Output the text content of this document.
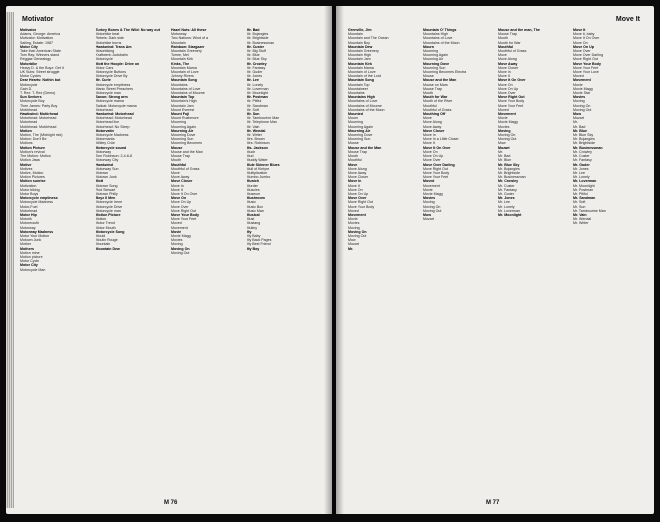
Motivator
Motivator
Adams, George: America
Motivator: Motivation
Sailing, Estate: 1987
Motor City
Take that: American State
Tom Ray: Winners stand
Reggae Genealogy
Motorbike
Heavy D. & the Boyz: Get it
UK Subs: Street struggle
Motor Cycles
Dear Hearts: Nothin but
Motorcycle
Gain D.
T. Rex: T. Rex (Demo)
Sun Seekers
Motorcycle Boy
Then James: Party Boy
Motörhead
Hawkwind: Motörhead
Motorhead: Motorhead
Motorhead
Motörhead: Motörhead
Motion
Motion, The (Midnight mix)
Motion: Don't Be
Motions
Motion Picture
Motion's revival
The Motion: Motion
Motion Jaws
Motive
Motives
Motive, Motion
Motion Pictures
Motion sunrise
Motivation
Motor biking
Motor Boys
Motorcycle emptiness
Motorcycle Madness
Motor-Fuel
Motorhead
Motor Hip
Motorik
Motormouth
Motorway
Motorway Madness
Motor Your Motion
Motown Junk
Mother
Mothers
Motion mine
Motion picture
Motor Cycle
Motor City
Motorcycle Man
Turkey Bones & The Wild: No way out
Motorbike beat
Rebels: Dark side
Motorbike burns
Hawkwind: Trans Am
Motorbiking
Kraftwerk: Autobahn
Motorcycle
Mott the Hoople: Drive on
Motor Cars
Motorcycle Buttons
Motorcycle Drive By
Mr. Curie
Motorcycle emptiness
Manic Street Preachers
Motorcycle man
Saxon: Strong arm
Motorcycle mama
Sailcat: Motorcycle mama
Motorhead
Hawkwind: Motorhead
Motorhead: Motorhead
Motorhead live
Motorhead: No Sleep
Motorvatin
Motorcycle Madness
Motormania
Mötley Crüe
Motorcycle sound
Motorway
Tom Robinson: 2-4-6-8
Motorway City
Hawkwind
Motorway Sun
Motown
Motown Junk
Mott
Motown Song
Rod Stewart
Motown Philly
Boyz II Men
Motorcycle Irene
Motorcycle Drive
Motorcycle man
Motion Picture
Motion
Motor Trend
Motor Mouth
Motorcycle Song
Mould
Moulin Rouge
Mountain
Mountain Dew
Hazel Nuts: All these
Motorway
Two Nations: Wind of a
Mountain
Rainbow: Stargazer
Mountain Greenery
Torme, Mel
Mountain Kirk
Kinks, The
Mountain Mama
Mountain of Love
Johnny Rivers
Mountain Song
Mountains
Mountains of Love
Mountains of Mourne
Mountain Top
Mountain's High
Mountain Jam
Mount Everest
Mount Fuji
Mount Rushmore
Mourning
Mourning Again
Mourning Air
Mourning Dove
Mourning Sun
Mourning Becomes
Mouse
Mouse and the Man
Mouse Trap
Mouth
Mouthful
Mouthful of Grass
Move
Move Away
Move Closer
Move In
Move It
Move It On Over
Move On
Move On Up
Move Over
Move Right Out
Move Your Body
Move Your Feet
Moved
Movement
Movie
Movie Magg
Movies
Moving
Moving On
Moving Out
Mr. Bad
Mr. Bojangles
Mr. Brightside
Mr. Businessman
Mr. Custer
Mr. Big Stuff
Mr. Blue
Mr. Blue Sky
Mr. Crowley
Mr. Fantasy
Mr. Guder
Mr. Jones
Mr. Lee
Mr. Lonely
Mr. Loverman
Mr. Moonlight
Mr. Postman
Mr. Pitiful
Mr. Sandman
Mr. Soft
Mr. Sun
Mr. Tambourine Man
Mr. Telephone Man
Mr. Vain
Mr. Wendal
Mr. Writer
Mrs. Brown
Mrs. Robinson
Ms. Jackson
Much
Mud
Muddy Water
Mule Skinner Blues
Mull of Kintyre
Multiplication
Mumbo Jumbo
Munich
Murder
Muscles
Museum
Mushroom
Music
Music Box
Music Man
Musical
Must
Mustang
Mutiny
My
My Baby
My Back Pages
My Best Friend
My Boy
M 76
Move It
Grenville, Jim
Mountain
Mountain and The Ocean
Mountain Boy
Mountain Dew
Mountain Greenery
Mountain High
Mountain Jam
Mountain Kirk
Mountain Mama
Mountain of Love
Mountain of the Lord
Mountain Song
Mountain Top
Mountaineer
Mountains
Mountains High
Mountains of Love
Mountains of Mourne
Mountains of the Moon
Mounted
Mourn
Mourning
Mourning Again
Mourning Air
Mourning Dove
Mourning Sun
Mouse
Mouse and the Man
Mouse Trap
Mouth
Mouthful
Move
Move Along
Move Away
Move Closer
Move In
Move It
Move On
Move On Up
Move Over
Move Right Out
Move Your Body
Moved
Movement
Movie
Movies
Moving
Moving On
Moving Out
Mow
Mozart
Mr.
Mountain O' Things
Mountains High
Mountains of Love
Mountains of the Moon
Mourn
Mourning
Mourning Again
Mourning Air
Mourning Dove
Mourning Sun
Mourning Becomes Electra
Mouse
Mouse and the Man
Mouse on Mars
Mouse Trap
Mouth
Mouth for War
Mouth of the River
Mouthful
Mouthful of Grass
Mouthing Off
Move
Move Along
Move Away
Move Closer
Move In
Move In a Little Closer
Move It
Move It On Over
Move On
Move On Up
Move Over
Move Over Darling
Move Right Out
Move Your Body
Move Your Feet
Moved
Movement
Movie
Movie Magg
Movies
Moving
Moving On
Moving Out
Mow
Mozart
Mouse and the man, The
Mouse Trap
Mouth
Mouth for War
Mouthful
Mouthful of Grass
Move
Move Along
Move Away
Move Closer
Move In
Move It
Move It On Over
Move On
Move On Up
Move Over
Move Right Out
Move Your Body
Move Your Feet
Moved
Movement
Movie
Movie Magg
Movies
Moving
Moving On
Moving Out
Mow
Mozart
Mr.
Mr. Bad
Mr. Blue
Mr. Blue Sky
Mr. Bojangles
Mr. Brightside
Mr. Businessman
Mr. Crowley
Mr. Custer
Mr. Fantasy
Mr. Guder
Mr. Jones
Mr. Lee
Mr. Lonely
Mr. Loverman
Mr. Moonlight
Move It
Move it, baby
Move It On Over
Move On
Move On Up
Move Over
Move Over Darling
Move Right Out
Move Your Body
Move Your Feet
Move Your Love
Moved
Movement
Movie
Movie Magg
Movie Star
Movies
Moving
Moving On
Moving Out
Mow
Mozart
Mr.
Mr. Bad
Mr. Blue
Mr. Blue Sky
Mr. Bojangles
Mr. Brightside
Mr. Businessman
Mr. Crowley
Mr. Custer
Mr. Fantasy
Mr. Guder
Mr. Jones
Mr. Lee
Mr. Lonely
Mr. Loverman
Mr. Moonlight
Mr. Postman
Mr. Pitiful
Mr. Sandman
Mr. Soft
Mr. Sun
Mr. Tambourine Man
Mr. Vain
Mr. Wendal
Mr. Writer
M 77
